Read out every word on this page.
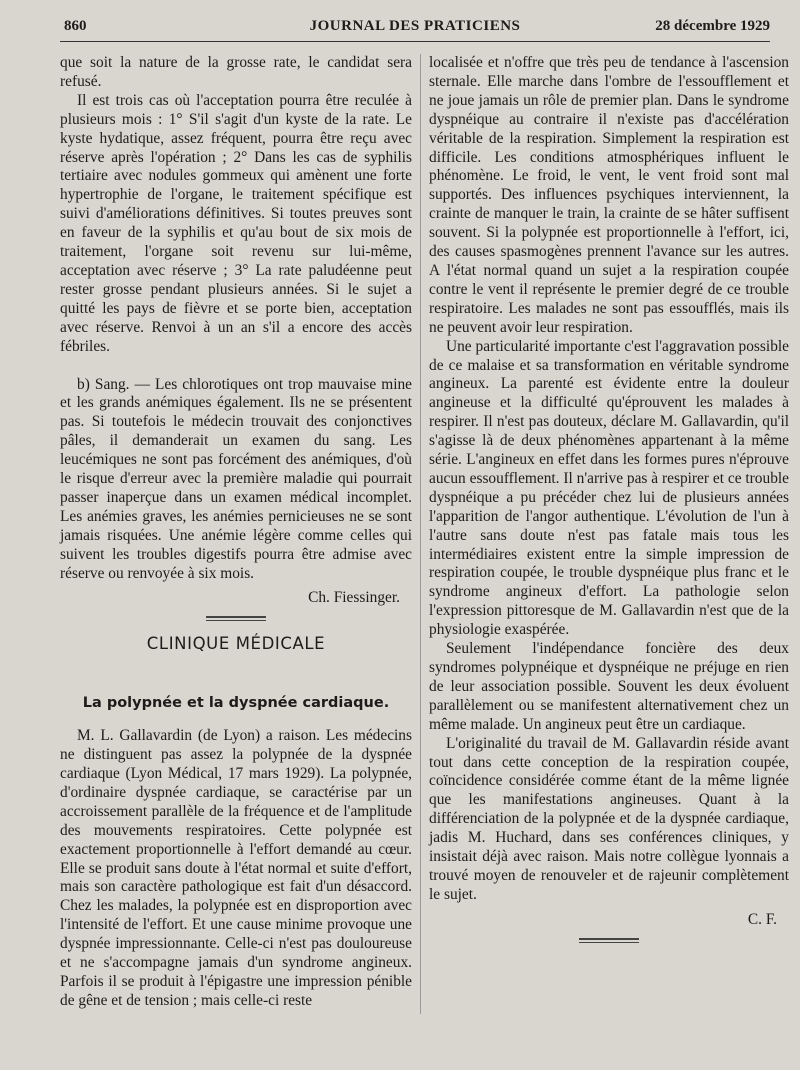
860	JOURNAL DES PRATICIENS	28 décembre 1929

que soit la nature de la grosse rate, le candidat sera refusé.

Il est trois cas où l'acceptation pourra être reculée à plusieurs mois : 1° S'il s'agit d'un kyste de la rate. Le kyste hydatique, assez fréquent, pourra être reçu avec réserve après l'opération ; 2° Dans les cas de syphilis tertiaire avec nodules gommeux qui amènent une forte hypertrophie de l'organe, le traitement spécifique est suivi d'améliorations définitives. Si toutes preuves sont en faveur de la syphilis et qu'au bout de six mois de traitement, l'organe soit revenu sur lui-même, acceptation avec réserve ; 3° La rate paludéenne peut rester grosse pendant plusieurs années. Si le sujet a quitté les pays de fièvre et se porte bien, acceptation avec réserve. Renvoi à un an s'il a encore des accès fébriles.

b) Sang. — Les chlorotiques ont trop mauvaise mine et les grands anémiques également. Ils ne se présentent pas. Si toutefois le médecin trouvait des conjonctives pâles, il demanderait un examen du sang. Les leucémiques ne sont pas forcément des anémiques, d'où le risque d'erreur avec la première maladie qui pourrait passer inaperçue dans un examen médical incomplet. Les anémies graves, les anémies pernicieuses ne se sont jamais risquées. Une anémie légère comme celles qui suivent les troubles digestifs pourra être admise avec réserve ou renvoyée à six mois.

Ch. Fiessinger.
CLINIQUE MÉDICALE
La polypnée et la dyspnée cardiaque.

M. L. Gallavardin (de Lyon) a raison. Les médecins ne distinguent pas assez la polypnée de la dyspnée cardiaque (Lyon Médical, 17 mars 1929). La polypnée, d'ordinaire dyspnée cardiaque, se caractérise par un accroissement parallèle de la fréquence et de l'amplitude des mouvements respiratoires. Cette polypnée est exactement proportionnelle à l'effort demandé au cœur. Elle se produit sans doute à l'état normal et suite d'effort, mais son caractère pathologique est fait d'un désaccord. Chez les malades, la polypnée est en disproportion avec l'intensité de l'effort. Et une cause minime provoque une dyspnée impressionnante. Celle-ci n'est pas douloureuse et ne s'accompagne jamais d'un syndrome angineux. Parfois il se produit à l'épigastre une impression pénible de gêne et de tension ; mais celle-ci reste

localisée et n'offre que très peu de tendance à l'ascension sternale. Elle marche dans l'ombre de l'essoufflement et ne joue jamais un rôle de premier plan. Dans le syndrome dyspnéique au contraire il n'existe pas d'accélération véritable de la respiration. Simplement la respiration est difficile. Les conditions atmosphériques influent le phénomène. Le froid, le vent, le vent froid sont mal supportés. Des influences psychiques interviennent, la crainte de manquer le train, la crainte de se hâter suffisent souvent. Si la polypnée est proportionnelle à l'effort, ici, des causes spasmogènes prennent l'avance sur les autres. A l'état normal quand un sujet a la respiration coupée contre le vent il représente le premier degré de ce trouble respiratoire. Les malades ne sont pas essoufflés, mais ils ne peuvent avoir leur respiration.

Une particularité importante c'est l'aggravation possible de ce malaise et sa transformation en véritable syndrome angineux. La parenté est évidente entre la douleur angineuse et la difficulté qu'éprouvent les malades à respirer. Il n'est pas douteux, déclare M. Gallavardin, qu'il s'agisse là de deux phénomènes appartenant à la même série. L'angineux en effet dans les formes pures n'éprouve aucun essoufflement. Il n'arrive pas à respirer et ce trouble dyspnéique a pu précéder chez lui de plusieurs années l'apparition de l'angor authentique. L'évolution de l'un à l'autre sans doute n'est pas fatale mais tous les intermédiaires existent entre la simple impression de respiration coupée, le trouble dyspnéique plus franc et le syndrome angineux d'effort. La pathologie selon l'expression pittoresque de M. Gallavardin n'est que de la physiologie exaspérée.

Seulement l'indépendance foncière des deux syndromes polypnéique et dyspnéique ne préjuge en rien de leur association possible. Souvent les deux évoluent parallèlement ou se manifestent alternativement chez un même malade. Un angineux peut être un cardiaque.

L'originalité du travail de M. Gallavardin réside avant tout dans cette conception de la respiration coupée, coïncidence considérée comme étant de la même lignée que les manifestations angineuses. Quant à la différenciation de la polypnée et de la dyspnée cardiaque, jadis M. Huchard, dans ses conférences cliniques, y insistait déjà avec raison. Mais notre collègue lyonnais a trouvé moyen de renouveler et de rajeunir complètement le sujet.

C. F.
